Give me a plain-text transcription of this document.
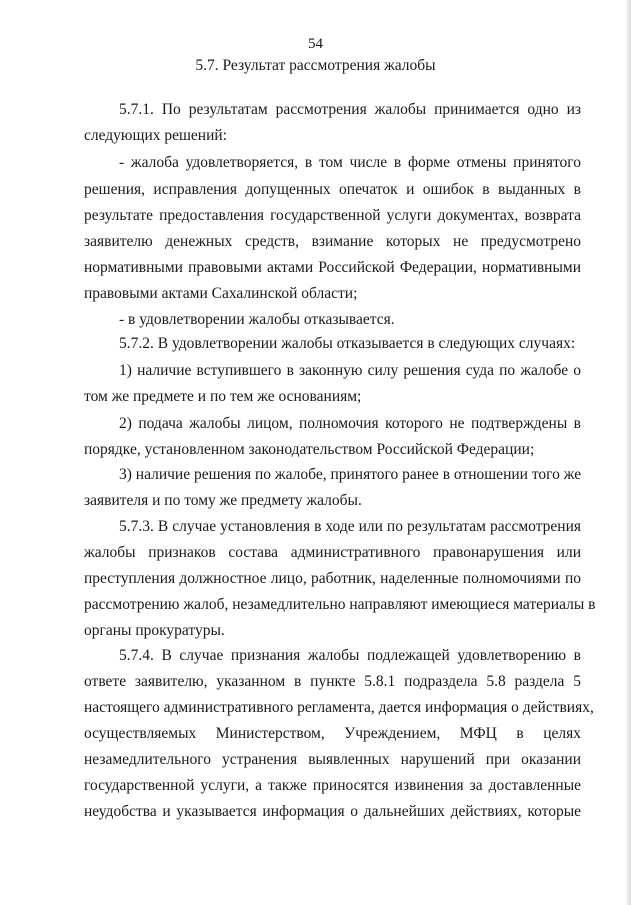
54
5.7. Результат рассмотрения жалобы
5.7.1. По результатам рассмотрения жалобы принимается одно из
следующих решений:
- жалоба удовлетворяется, в том числе в форме отмены принятого
решения, исправления допущенных опечаток и ошибок в выданных в
результате предоставления государственной услуги документах, возврата
заявителю денежных средств, взимание которых не предусмотрено
нормативными правовыми актами Российской Федерации, нормативными
правовыми актами Сахалинской области;
- в удовлетворении жалобы отказывается.
5.7.2. В удовлетворении жалобы отказывается в следующих случаях:
1) наличие вступившего в законную силу решения суда по жалобе о
том же предмете и по тем же основаниям;
2) подача жалобы лицом, полномочия которого не подтверждены в
порядке, установленном законодательством Российской Федерации;
3) наличие решения по жалобе, принятого ранее в отношении того же
заявителя и по тому же предмету жалобы.
5.7.3. В случае установления в ходе или по результатам рассмотрения
жалобы признаков состава административного правонарушения или
преступления должностное лицо, работник, наделенные полномочиями по
рассмотрению жалоб, незамедлительно направляют имеющиеся материалы в
органы прокуратуры.
5.7.4. В случае признания жалобы подлежащей удовлетворению в
ответе заявителю, указанном в пункте 5.8.1 подраздела 5.8 раздела 5
настоящего административного регламента, дается информация о действиях,
осуществляемых Министерством, Учреждением, МФЦ в целях
незамедлительного устранения выявленных нарушений при оказании
государственной услуги, а также приносятся извинения за доставленные
неудобства и указывается информация о дальнейших действиях, которые
